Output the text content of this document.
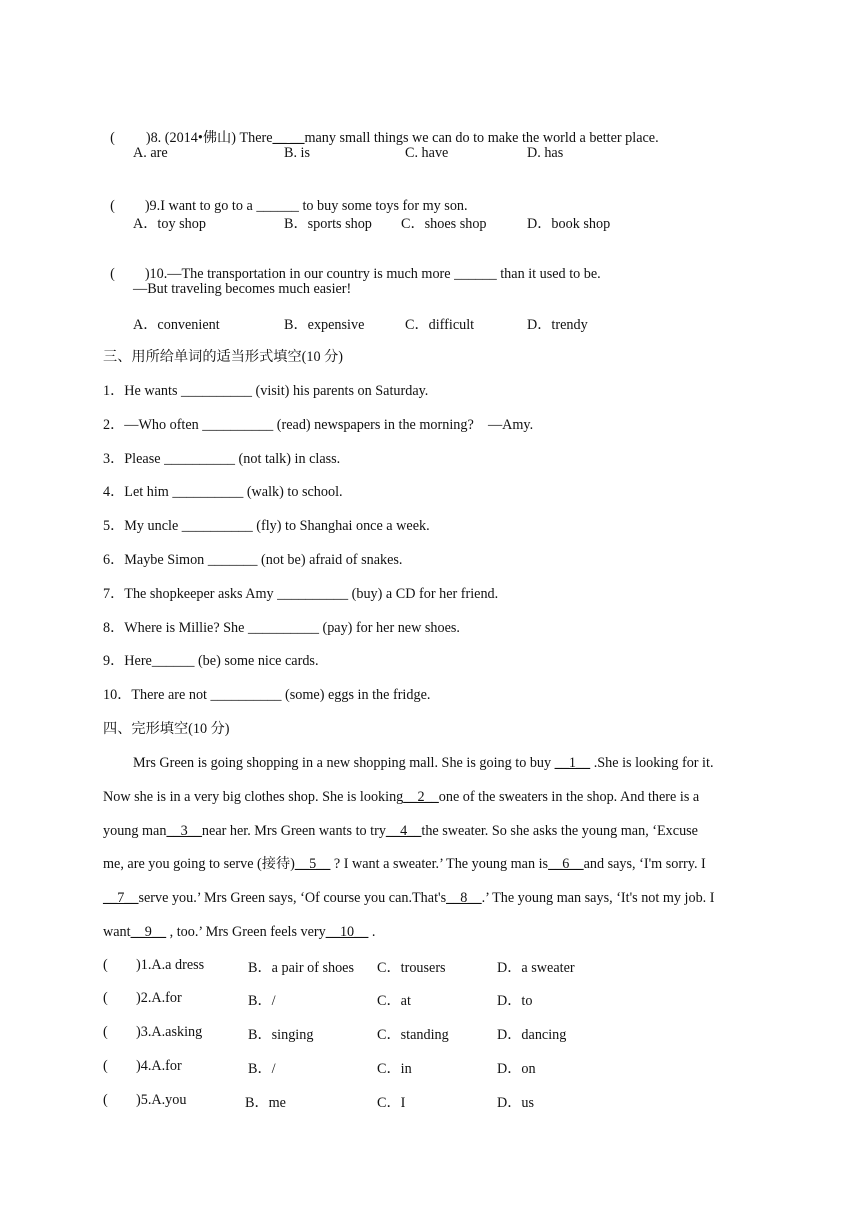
( )8. (2014•佛山) There__ __many small things we can do to make the world a better place.

A. are	B. is	C. have	D. has

( )9.I want to go to a ______ to buy some toys for my son.

A．toy shop	B．sports shop C．shoes shop	D．book shop

( )10.—The transportation in our country is much more ______ than it used to be.

—But traveling becomes much easier!
A．convenient	B．expensive	C．difficult	D．trendy
三、用所给单词的适当形式填空(10 分)
1．He wants __________ (visit) his parents on Saturday.
2．—Who often __________ (read) newspapers in the morning?    —Amy.
3．Please __________ (not talk) in class.
4．Let him __________ (walk) to school.
5．My uncle __________ (fly) to Shanghai once a week.
6．Maybe Simon _______ (not be) afraid of snakes.
7．The shopkeeper asks Amy __________ (buy) a CD for her friend.
8．Where is Millie? She __________ (pay) for her new shoes.
9．Here______ (be) some nice cards.
10．There are not __________ (some) eggs in the fridge.
四、完形填空(10 分)
Mrs Green is going shopping in a new shopping mall. She is going to buy __1__ .She is looking for it.
Now she is in a very big clothes shop. She is looking__2__one of the sweaters in the shop. And there is a
young man__3__near her. Mrs Green wants to try__4__the sweater. So she asks the young man, ‘Excuse
me, are you going to serve (接待)__5__ ? I want a sweater.’ The young man is__6__and says, ‘I'm sorry. I
__7__serve you.’ Mrs Green says, ‘Of course you can.That's__8__.’ The young man says, ‘It's not my job. I
want__9__ , too.’ Mrs Green feels very__10__ .
( )1.A.a dress	B．a pair of shoes C．trousers	D．a sweater
( )2.A.for	B．/	C．at	D．to
( )3.A.asking	B．singing	C．standing	D．dancing
( )4.A.for	B．/	C．in	D．on
( )5.A.you	B．me	C．I	D．us
